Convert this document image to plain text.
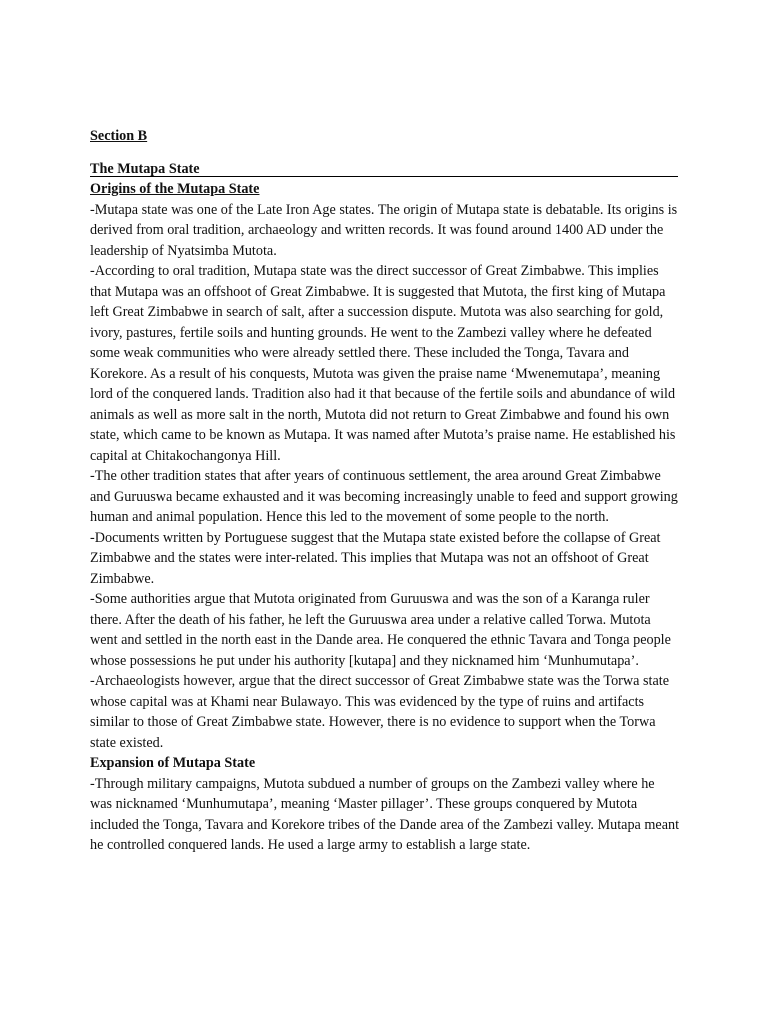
Section B
The Mutapa State
Origins of the Mutapa State

-Mutapa state was one of the Late Iron Age states. The origin of Mutapa state is debatable. Its origins is derived from oral tradition, archaeology and written records. It was found around 1400 AD under the leadership of Nyatsimba Mutota.

-According to oral tradition, Mutapa state was the direct successor of Great Zimbabwe. This implies that Mutapa was an offshoot of Great Zimbabwe. It is suggested that Mutota, the first king of Mutapa left Great Zimbabwe in search of salt, after a succession dispute. Mutota was also searching for gold, ivory, pastures, fertile soils and hunting grounds. He went to the Zambezi valley where he defeated some weak communities who were already settled there. These included the Tonga, Tavara and Korekore. As a result of his conquests, Mutota was given the praise name ‘Mwenemutapa’, meaning lord of the conquered lands. Tradition also had it that because of the fertile soils and abundance of wild animals as well as more salt in the north, Mutota did not return to Great Zimbabwe and found his own state, which came to be known as Mutapa. It was named after Mutota’s praise name. He established his capital at Chitakochangonya Hill.

-The other tradition states that after years of continuous settlement, the area around Great Zimbabwe and Guruuswa became exhausted and it was becoming increasingly unable to feed and support growing human and animal population. Hence this led to the movement of some people to the north.

-Documents written by Portuguese suggest that the Mutapa state existed before the collapse of Great Zimbabwe and the states were inter-related. This implies that Mutapa was not an offshoot of Great Zimbabwe.

-Some authorities argue that Mutota originated from Guruuswa and was the son of a Karanga ruler there. After the death of his father, he left the Guruuswa area under a relative called Torwa. Mutota went and settled in the north east in the Dande area. He conquered the ethnic Tavara and Tonga people whose possessions he put under his authority [kutapa] and they nicknamed him ‘Munhumutapa’.

-Archaeologists however, argue that the direct successor of Great Zimbabwe state was the Torwa state whose capital was at Khami near Bulawayo. This was evidenced by the type of ruins and artifacts similar to those of Great Zimbabwe state. However, there is no evidence to support when the Torwa state existed.

Expansion of Mutapa State

-Through military campaigns, Mutota subdued a number of groups on the Zambezi valley where he was nicknamed ‘Munhumutapa’, meaning ‘Master pillager’. These groups conquered by Mutota included the Tonga, Tavara and Korekore tribes of the Dande area of the Zambezi valley. Mutapa meant he controlled conquered lands. He used a large army to establish a large state.
